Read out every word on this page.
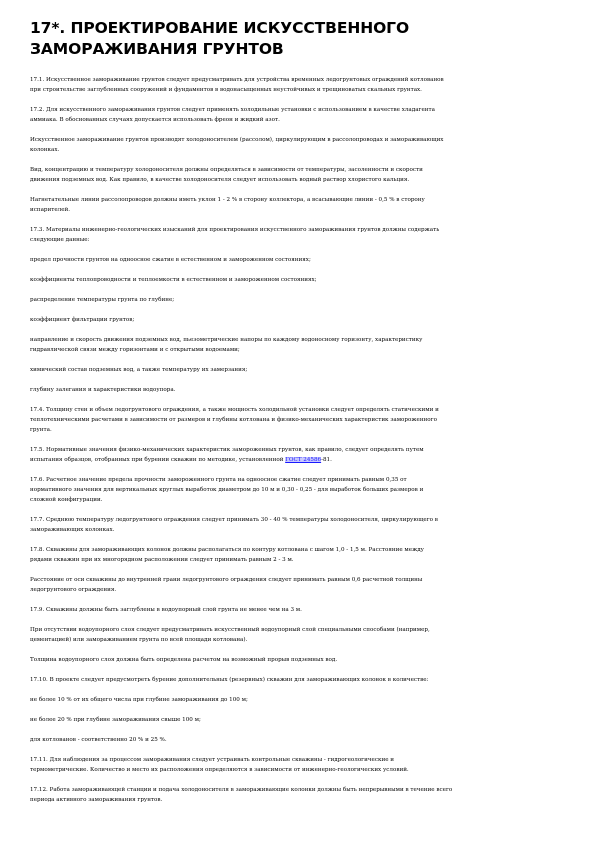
17*. ПРОЕКТИРОВАНИЕ ИСКУССТВЕННОГО
ЗАМОРАЖИВАНИЯ ГРУНТОВ
17.1. Искусственное замораживание грунтов следует предусматривать для устройства временных ледогрунтовых ограждений котлованов
при строительстве заглубленных сооружений и фундаментов в водонасыщенных неустойчивых и трещиноватых скальных грунтах.
17.2. Для искусственного замораживания грунтов следует применять холодильные установки с использованием в качестве хладагента
аммиака. В обоснованных случаях допускается использовать фреон и жидкий азот.
Искусственное замораживание грунтов производят холодоносителем (рассолом), циркулирующим в рассолопроводах и замораживающих
колонках.
Вид, концентрацию и температуру холодоносителя должны определяться в зависимости от температуры, засоленности и скорости
движения подземных вод. Как правило, в качестве холодоносителя следует использовать водный раствор хлористого кальция.
Нагнетательные линии рассолопроводов должны иметь уклон 1 - 2 % в сторону коллектора, а всасывающие линии - 0,5 % в сторону
испарителей.
17.3. Материалы инженерно-геологических изысканий для проектирования искусственного замораживания грунтов должны содержать
следующие данные:
предел прочности грунтов на одноосное сжатие в естественном и замороженном состояниях;
коэффициенты теплопроводности и теплоемкости в естественном и замороженном состояниях;
распределение температуры грунта по глубине;
коэффициент фильтрации грунтов;
направление и скорость движения подземных вод, пьезометрические напоры по каждому водоносному горизонту, характеристику
гидравлической связи между горизонтами и с открытыми водоемами;
химический состав подземных вод, а также температуру их замерзания;
глубину залегания и характеристики водоупора.
17.4. Толщину стен и объем ледогрунтового ограждения, а также мощность холодильной установки следует определять статическими и
теплотехническими расчетами в зависимости от размеров и глубины котлована и физико-механических характеристик замороженного
грунта.
17.5. Нормативные значения физико-механических характеристик замороженных грунтов, как правило, следует определять путем
испытания образцов, отобранных при бурении скважин по методике, установленной ГОСТ 24586-81.
17.6. Расчетное значение предела прочности замороженного грунта на одноосное сжатие следует принимать равным 0,35 от
нормативного значения для вертикальных круглых выработок диаметром до 10 м и 0,30 - 0,25 - для выработок больших размеров и
сложной конфигурации.
17.7. Среднюю температуру ледогрунтового ограждения следует принимать 30 - 40 % температуры холодоносителя, циркулирующего в
замораживающих колонках.
17.8. Скважины для замораживающих колонок должны располагаться по контуру котлована с шагом 1,0 - 1,5 м. Расстояние между
рядами скважин при их многорядном расположении следует принимать равным 2 - 3 м.
Расстояние от оси скважины до внутренней грани ледогрунтового ограждения следует принимать равным 0,6 расчетной толщины
ледогрунтового ограждения.
17.9. Скважины должны быть заглублены в водоупорный слой грунта не менее чем на 3 м.
При отсутствии водоупорного слоя следует предусматривать искусственный водоупорный слой специальными способами (например,
цементацией) или замораживанием грунта по всей площади котлована).
Толщина водоупорного слоя должна быть определена расчетом на возможный прорыв подземных вод.
17.10. В проекте следует предусмотреть бурение дополнительных (резервных) скважин для замораживающих колонок в количестве:
не более 10 % от их общего числа при глубине замораживания до 100 м;
не более 20 % при глубине замораживания свыше 100 м;
для котлованов - соответственно 20 % и 25 %.
17.11. Для наблюдения за процессом замораживания следует устраивать контрольные скважины - гидрогеологические и
термометрические. Количество и место их расположения определяются в зависимости от инженерно-геологических условий.
17.12. Работа замораживающей станции и подача холодоносителя в замораживающие колонки должны быть непрерывными в течение всего
периода активного замораживания грунтов.
